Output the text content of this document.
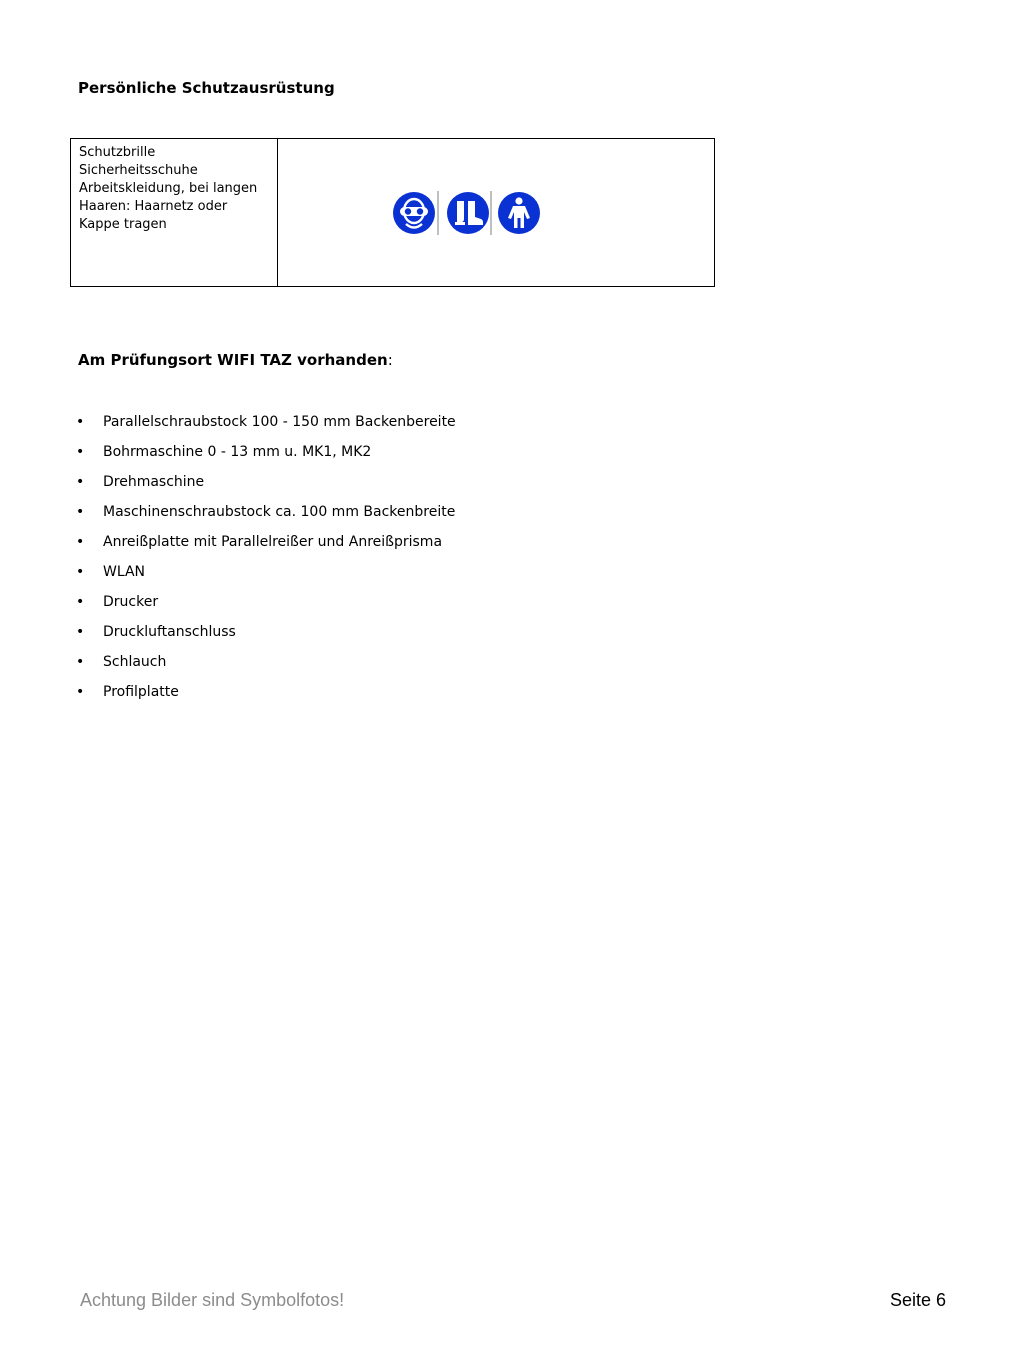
Persönliche Schutzausrüstung
Schutzbrille
Sicherheitsschuhe
Arbeitskleidung, bei langen
Haaren: Haarnetz oder
Kappe tragen
Am Prüfungsort WIFI TAZ vorhanden:
• Parallelschraubstock 100 - 150 mm Backenbereite
• Bohrmaschine 0 - 13 mm u. MK1, MK2
• Drehmaschine
• Maschinenschraubstock ca. 100 mm Backenbreite
• Anreißplatte mit Parallelreißer und Anreißprisma
• WLAN
• Drucker
• Druckluftanschluss
• Schlauch
• Profilplatte
Achtung Bilder sind Symbolfotos!	Seite 6
